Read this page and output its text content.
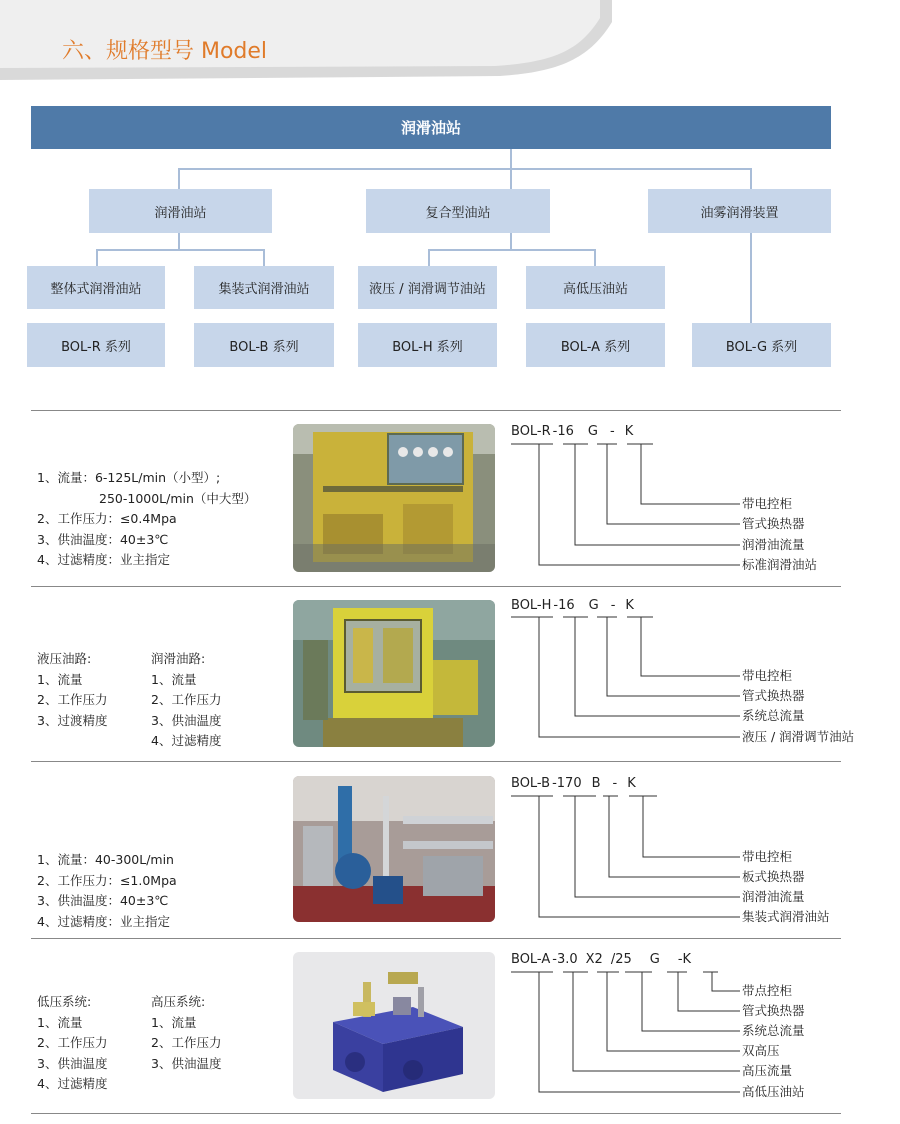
六、规格型号 Model
润滑油站
润滑油站	复合型油站	油雾润滑装置
整体式润滑油站	集装式润滑油站	液压 / 润滑调节油站	高低压油站
BOL-R 系列	BOL-B 系列	BOL-H 系列	BOL-A 系列	BOL-G 系列
1、流量：6-125L/min（小型）;
250-1000L/min（中大型）
2、工作压力：≤0.4Mpa
3、供油温度：40±3℃
4、过滤精度：业主指定
BOL-R -16 G - K
带电控柜
管式换热器
润滑油流量
标准润滑油站
液压油路:
1、流量
2、工作压力
3、过渡精度
润滑油路:
1、流量
2、工作压力
3、供油温度
4、过滤精度
BOL-H -16 G - K
带电控柜
管式换热器
系统总流量
液压 / 润滑调节油站
1、流量：40-300L/min
2、工作压力：≤1.0Mpa
3、供油温度：40±3℃
4、过滤精度：业主指定
BOL-B -170 B - K
带电控柜
板式换热器
润滑油流量
集装式润滑油站
低压系统:
1、流量
2、工作压力
3、供油温度
4、过滤精度
高压系统:
1、流量
2、工作压力
3、供油温度
BOL-A -3.0 X2 /25 G -K
带点控柜
管式换热器
系统总流量
双高压
高压流量
高低压油站
